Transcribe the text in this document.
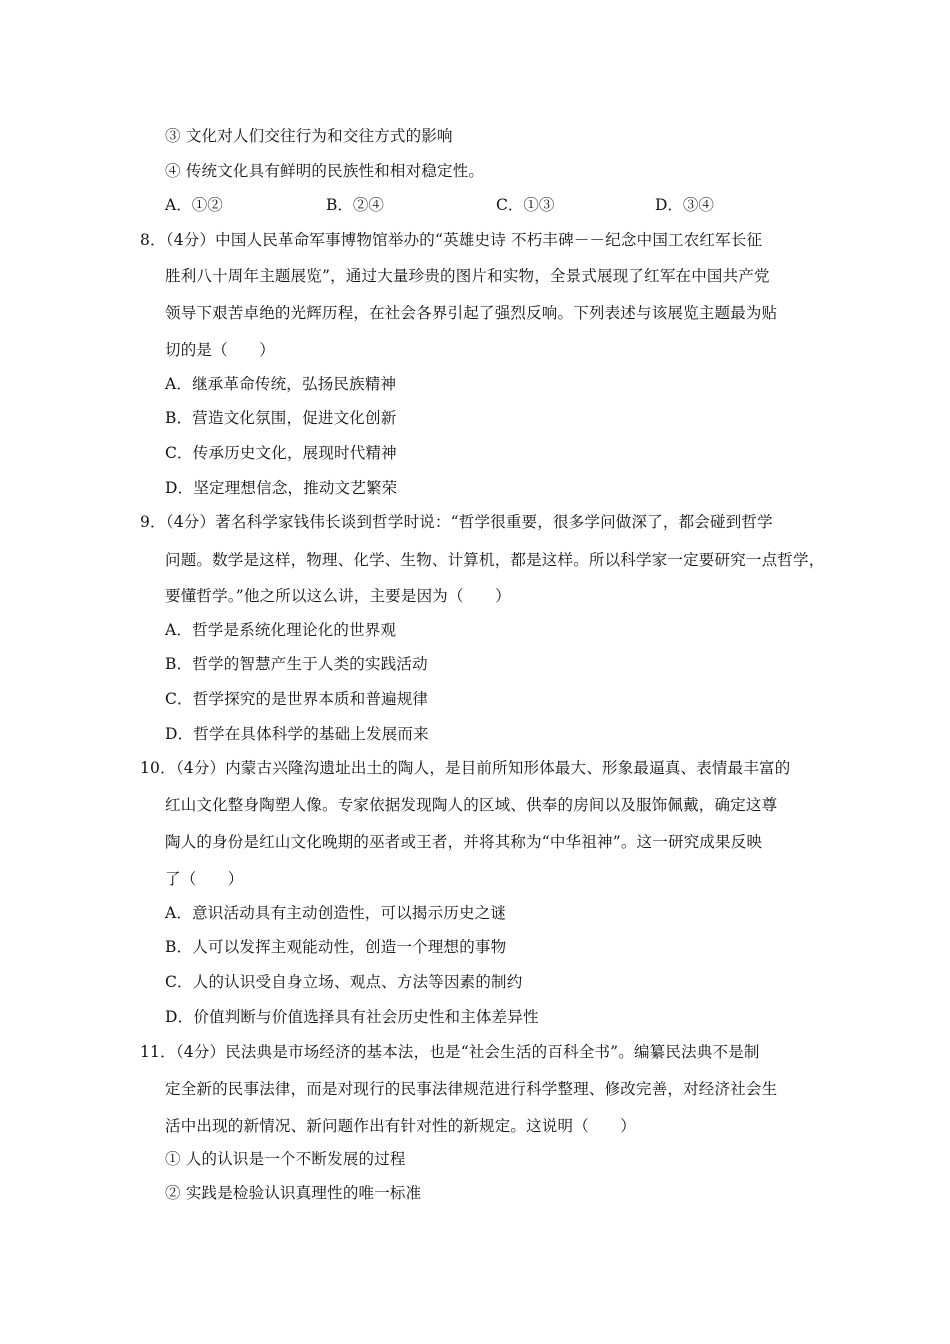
③ 文化对人们交往行为和交往方式的影响
④ 传统文化具有鲜明的民族性和相对稳定性。
A．①②	B．②④	C．①③	D．③④
8．（4分）中国人民革命军事博物馆举办的“英雄史诗 不朽丰碑－－纪念中国工农红军长征
胜利八十周年主题展览”，通过大量珍贵的图片和实物，全景式展现了红军在中国共产党
领导下艰苦卓绝的光辉历程，在社会各界引起了强烈反响。下列表述与该展览主题最为贴
切的是（　　）
A．继承革命传统，弘扬民族精神
B．营造文化氛围，促进文化创新
C．传承历史文化，展现时代精神
D．坚定理想信念，推动文艺繁荣
9．（4分）著名科学家钱伟长谈到哲学时说：“哲学很重要，很多学问做深了，都会碰到哲学
问题。数学是这样，物理、化学、生物、计算机，都是这样。所以科学家一定要研究一点哲学，
要懂哲学。”他之所以这么讲，主要是因为（　　）
A．哲学是系统化理论化的世界观
B．哲学的智慧产生于人类的实践活动
C．哲学探究的是世界本质和普遍规律
D．哲学在具体科学的基础上发展而来
10．（4分）内蒙古兴隆沟遗址出土的陶人，是目前所知形体最大、形象最逼真、表情最丰富的
红山文化整身陶塑人像。专家依据发现陶人的区域、供奉的房间以及服饰佩戴，确定这尊
陶人的身份是红山文化晚期的巫者或王者，并将其称为“中华祖神”。这一研究成果反映
了（　　）
A．意识活动具有主动创造性，可以揭示历史之谜
B．人可以发挥主观能动性，创造一个理想的事物
C．人的认识受自身立场、观点、方法等因素的制约
D．价值判断与价值选择具有社会历史性和主体差异性
11．（4分）民法典是市场经济的基本法，也是“社会生活的百科全书”。编纂民法典不是制
定全新的民事法律，而是对现行的民事法律规范进行科学整理、修改完善，对经济社会生
活中出现的新情况、新问题作出有针对性的新规定。这说明（　　）
① 人的认识是一个不断发展的过程
② 实践是检验认识真理性的唯一标准
